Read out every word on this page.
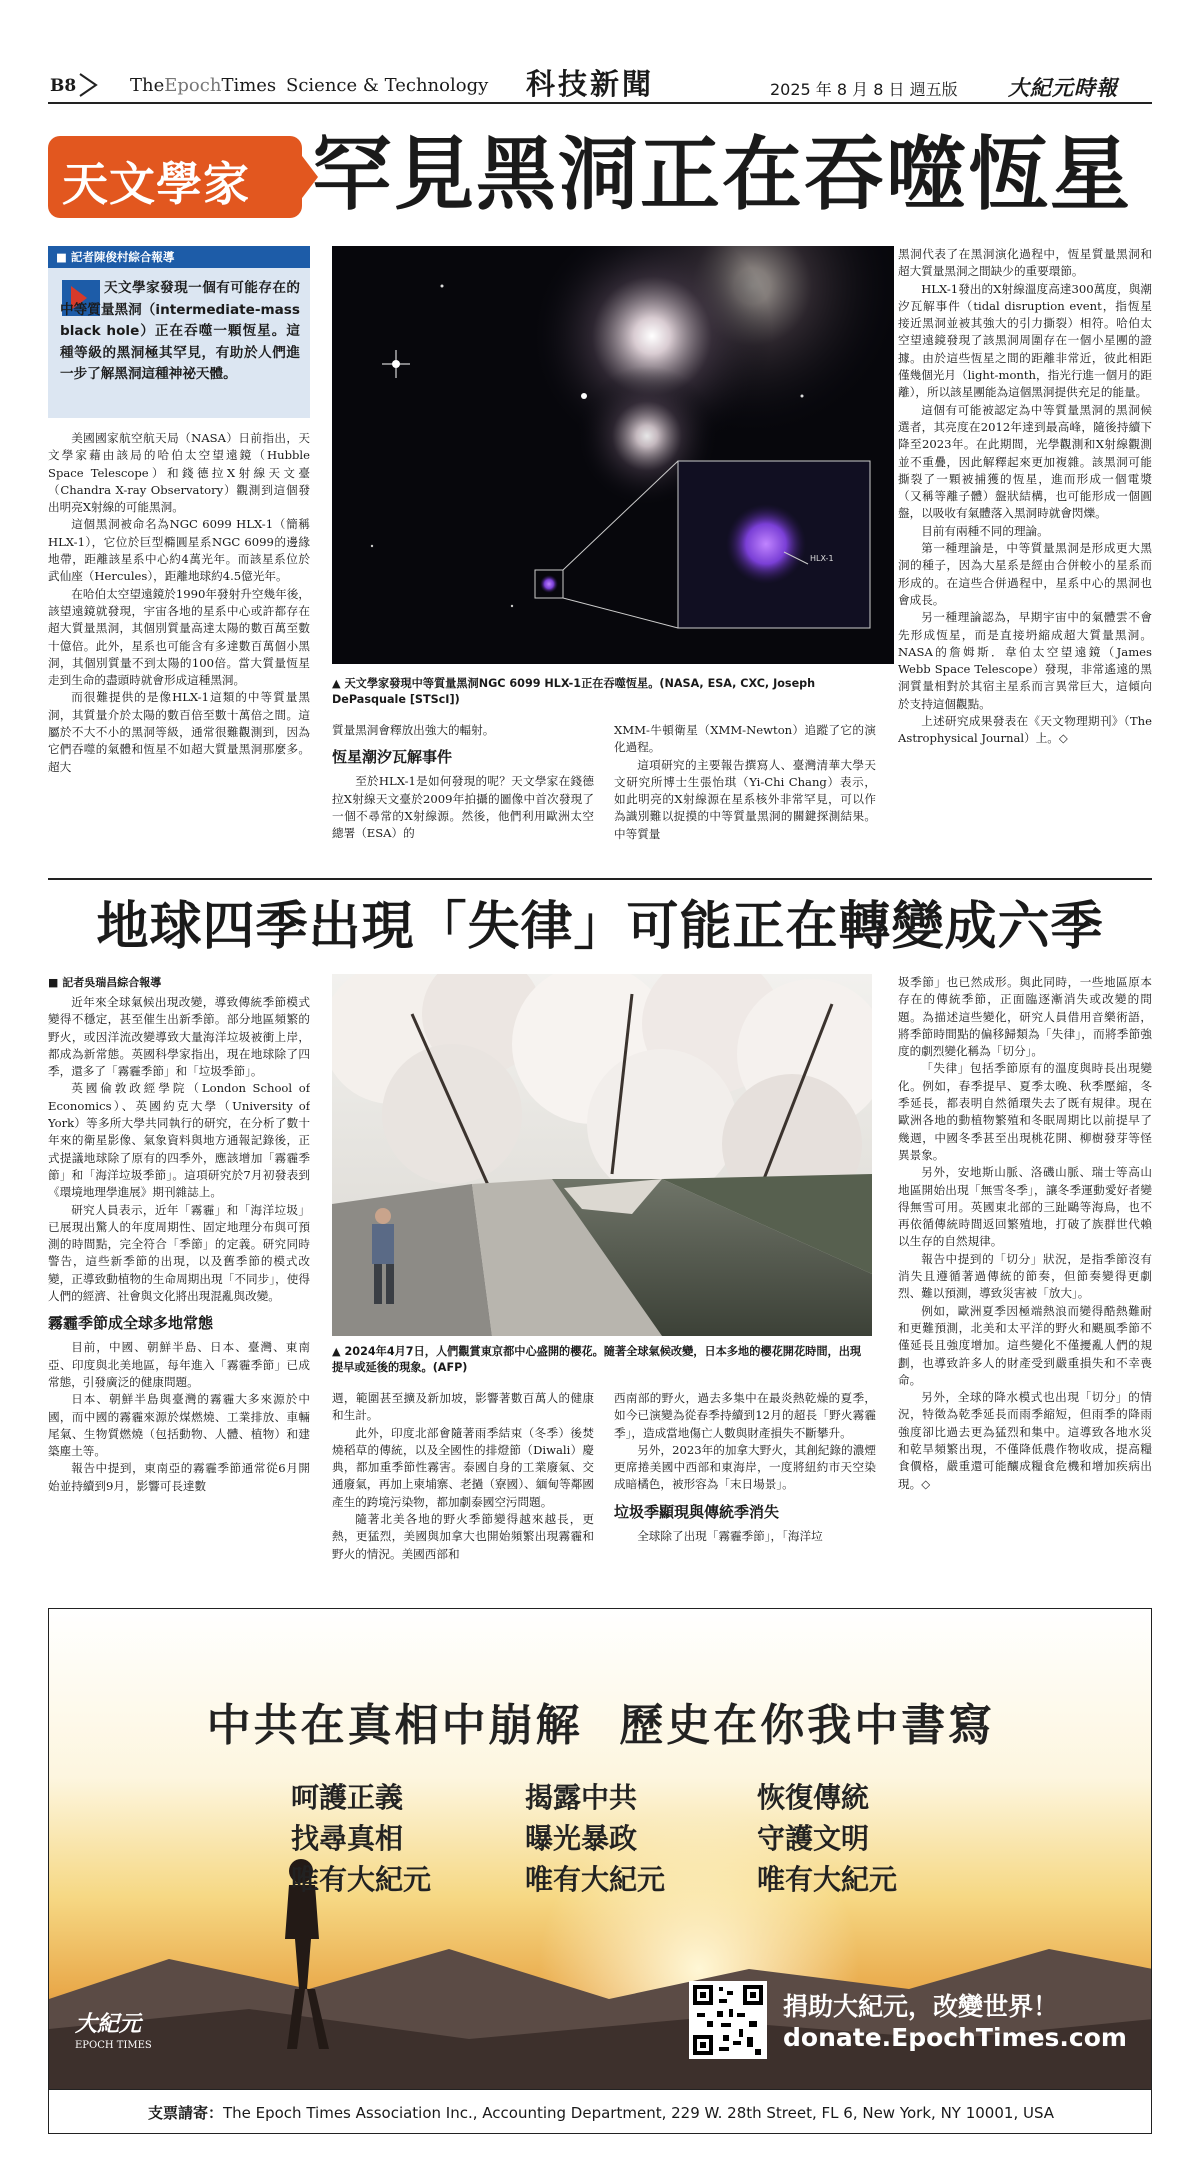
B8	TheEpochTimes Science & Technology 科技新聞	2025 年 8 月 8 日 週五版 大紀元時報
天文學家 罕見黑洞正在吞噬恆星
■ 記者陳俊村綜合報導
天文學家發現一個有可能存在的中等質量黑洞（intermediate-mass black hole）正在吞噬一顆恆星。這種等級的黑洞極其罕見，有助於人們進一步了解黑洞這種神祕天體。

美國國家航空航天局（NASA）日前指出，天文學家藉由該局的哈伯太空望遠鏡（Hubble Space Telescope）和錢德拉X射線天文臺（Chandra X-ray Observatory）觀測到這個發出明亮X射線的可能黑洞。

這個黑洞被命名為NGC 6099 HLX-1（簡稱HLX-1），它位於巨型橢圓星系NGC 6099的邊緣地帶，距離該星系中心約4萬光年。而該星系位於武仙座（Hercules），距離地球約4.5億光年。

在哈伯太空望遠鏡於1990年發射升空幾年後，該望遠鏡就發現，宇宙各地的星系中心或許都存在超大質量黑洞，其個別質量高達太陽的數百萬至數十億倍。此外，星系也可能含有多達數百萬個小黑洞，其個別質量不到太陽的100倍。當大質量恆星走到生命的盡頭時就會形成這種黑洞。

而很難提供的是像HLX-1這類的中等質量黑洞，其質量介於太陽的數百倍至數十萬倍之間。這屬於不大不小的黑洞等級，通常很難觀測到，因為它們吞噬的氣體和恆星不如超大質量黑洞那麼多。超大

HLX-1
▲ 天文學家發現中等質量黑洞NGC 6099 HLX-1正在吞噬恆星。(NASA, ESA, CXC, Joseph DePasquale [STScI])

質量黑洞會釋放出強大的輻射。

恆星潮汐瓦解事件

至於HLX-1是如何發現的呢？天文學家在錢德拉X射線天文臺於2009年拍攝的圖像中首次發現了一個不尋常的X射線源。然後，他們利用歐洲太空總署（ESA）的

XMM-牛頓衛星（XMM-Newton）追蹤了它的演化過程。

這項研究的主要報告撰寫人、臺灣清華大學天文研究所博士生張怡琪（Yi-Chi Chang）表示，如此明亮的X射線源在星系核外非常罕見，可以作為識別難以捉摸的中等質量黑洞的關鍵探測結果。中等質量

黑洞代表了在黑洞演化過程中，恆星質量黑洞和超大質量黑洞之間缺少的重要環節。

HLX-1發出的X射線溫度高達300萬度，與潮汐瓦解事件（tidal disruption event，指恆星接近黑洞並被其強大的引力撕裂）相符。哈伯太空望遠鏡發現了該黑洞周圍存在一個小星團的證據。由於這些恆星之間的距離非常近，彼此相距僅幾個光月（light-month，指光行進一個月的距離），所以該星團能為這個黑洞提供充足的能量。

這個有可能被認定為中等質量黑洞的黑洞候選者，其亮度在2012年達到最高峰，隨後持續下降至2023年。在此期間，光學觀測和X射線觀測並不重疊，因此解釋起來更加複雜。該黑洞可能撕裂了一顆被捕獲的恆星，進而形成一個電漿（又稱等離子體）盤狀結構，也可能形成一個圓盤，以吸收有氣體落入黑洞時就會閃爍。

目前有兩種不同的理論。

第一種理論是，中等質量黑洞是形成更大黑洞的種子，因為大星系是經由合併較小的星系而形成的。在這些合併過程中，星系中心的黑洞也會成長。

另一種理論認為，早期宇宙中的氣體雲不會先形成恆星，而是直接坍縮成超大質量黑洞。NASA的詹姆斯．韋伯太空望遠鏡（James Webb Space Telescope）發現，非常遙遠的黑洞質量相對於其宿主星系而言異常巨大，這傾向於支持這個觀點。

上述研究成果發表在《天文物理期刊》（The Astrophysical Journal）上。◇

地球四季出現「失律」可能正在轉變成六季
■ 記者吳瑞昌綜合報導

近年來全球氣候出現改變，導致傳統季節模式變得不穩定，甚至催生出新季節。部分地區頻繁的野火，或因洋流改變導致大量海洋垃圾被衝上岸，都成為新常態。英國科學家指出，現在地球除了四季，還多了「霧霾季節」和「垃圾季節」。

英國倫敦政經學院（London School of Economics）、英國約克大學（University of York）等多所大學共同執行的研究，在分析了數十年來的衛星影像、氣象資料與地方通報記錄後，正式提議地球除了原有的四季外，應該增加「霧霾季節」和「海洋垃圾季節」。這項研究於7月初發表到《環境地理學進展》期刊雜誌上。

研究人員表示，近年「霧霾」和「海洋垃圾」已展現出驚人的年度周期性、固定地理分布與可預測的時間點，完全符合「季節」的定義。研究同時警告，這些新季節的出現，以及舊季節的模式改變，正導致動植物的生命周期出現「不同步」，使得人們的經濟、社會與文化將出現混亂與改變。

霧霾季節成全球多地常態

目前，中國、朝鮮半島、日本、臺灣、東南亞、印度與北美地區，每年進入「霧霾季節」已成常態，引發廣泛的健康問題。

日本、朝鮮半島與臺灣的霧霾大多來源於中國，而中國的霧霾來源於煤燃燒、工業排放、車輛尾氣、生物質燃燒（包括動物、人體、植物）和建築塵土等。

報告中提到，東南亞的霧霾季節通常從6月開始並持續到9月，影響可長達數

▲ 2024年4月7日，人們觀賞東京都中心盛開的櫻花。隨著全球氣候改變，日本多地的櫻花開花時間，出現提早或延後的現象。(AFP)

週，範圍甚至擴及新加坡，影響著數百萬人的健康和生計。

此外，印度北部會隨著雨季結束（冬季）後焚燒稻草的傳統，以及全國性的排燈節（Diwali）慶典，都加重季節性霧害。泰國自身的工業廢氣、交通廢氣，再加上柬埔寨、老撾（寮國）、緬甸等鄰國產生的跨境污染物，都加劇泰國空污問題。

隨著北美各地的野火季節變得越來越長，更熱，更猛烈，美國與加拿大也開始頻繁出現霧霾和野火的情況。美國西部和

西南部的野火，過去多集中在最炎熱乾燥的夏季，如今已演變為從春季持續到12月的超長「野火霧霾季」，造成當地傷亡人數與財產損失不斷攀升。

另外，2023年的加拿大野火，其創紀錄的濃煙更席捲美國中西部和東海岸，一度將紐約市天空染成暗橘色，被形容為「末日場景」。

垃圾季顯現與傳統季消失

全球除了出現「霧霾季節」，「海洋垃

圾季節」也已然成形。與此同時，一些地區原本存在的傳統季節，正面臨逐漸消失或改變的問題。為描述這些變化，研究人員借用音樂術語，將季節時間點的偏移歸類為「失律」，而將季節強度的劇烈變化稱為「切分」。

「失律」包括季節原有的溫度與時長出現變化。例如，春季提早、夏季太晚、秋季壓縮，冬季延長，都表明自然循環失去了既有規律。現在歐洲各地的動植物繁殖和冬眠周期比以前提早了幾週，中國冬季甚至出現桃花開、柳樹發芽等怪異景象。

另外，安地斯山脈、洛磯山脈、瑞士等高山地區開始出現「無雪冬季」，讓冬季運動愛好者變得無雪可用。英國東北部的三趾鷗等海鳥，也不再依循傳統時間返回繁殖地，打破了族群世代賴以生存的自然規律。

報告中提到的「切分」狀況，是指季節沒有消失且遵循著過傳統的節奏，但節奏變得更劇烈、難以預測，導致災害被「放大」。

例如，歐洲夏季因極端熱浪而變得酷熱難耐和更難預測，北美和太平洋的野火和颶風季節不僅延長且強度增加。這些變化不僅擾亂人們的規劃，也導致許多人的財產受到嚴重損失和不幸喪命。

另外，全球的降水模式也出現「切分」的情況，特徵為乾季延長而雨季縮短，但雨季的降雨強度卻比過去更為猛烈和集中。這導致各地水災和乾旱頻繁出現，不僅降低農作物收成，提高糧食價格，嚴重還可能釀成糧食危機和增加疾病出現。◇

中共在真相中崩解  歷史在你我中書寫
呵護正義
找尋真相
唯有大紀元
揭露中共
曝光暴政
唯有大紀元
恢復傳統
守護文明
唯有大紀元
大紀元
EPOCH TIMES
捐助大紀元，改變世界！
donate.EpochTimes.com
支票請寄：The Epoch Times Association Inc., Accounting Department, 229 W. 28th Street, FL 6, New York, NY 10001, USA
